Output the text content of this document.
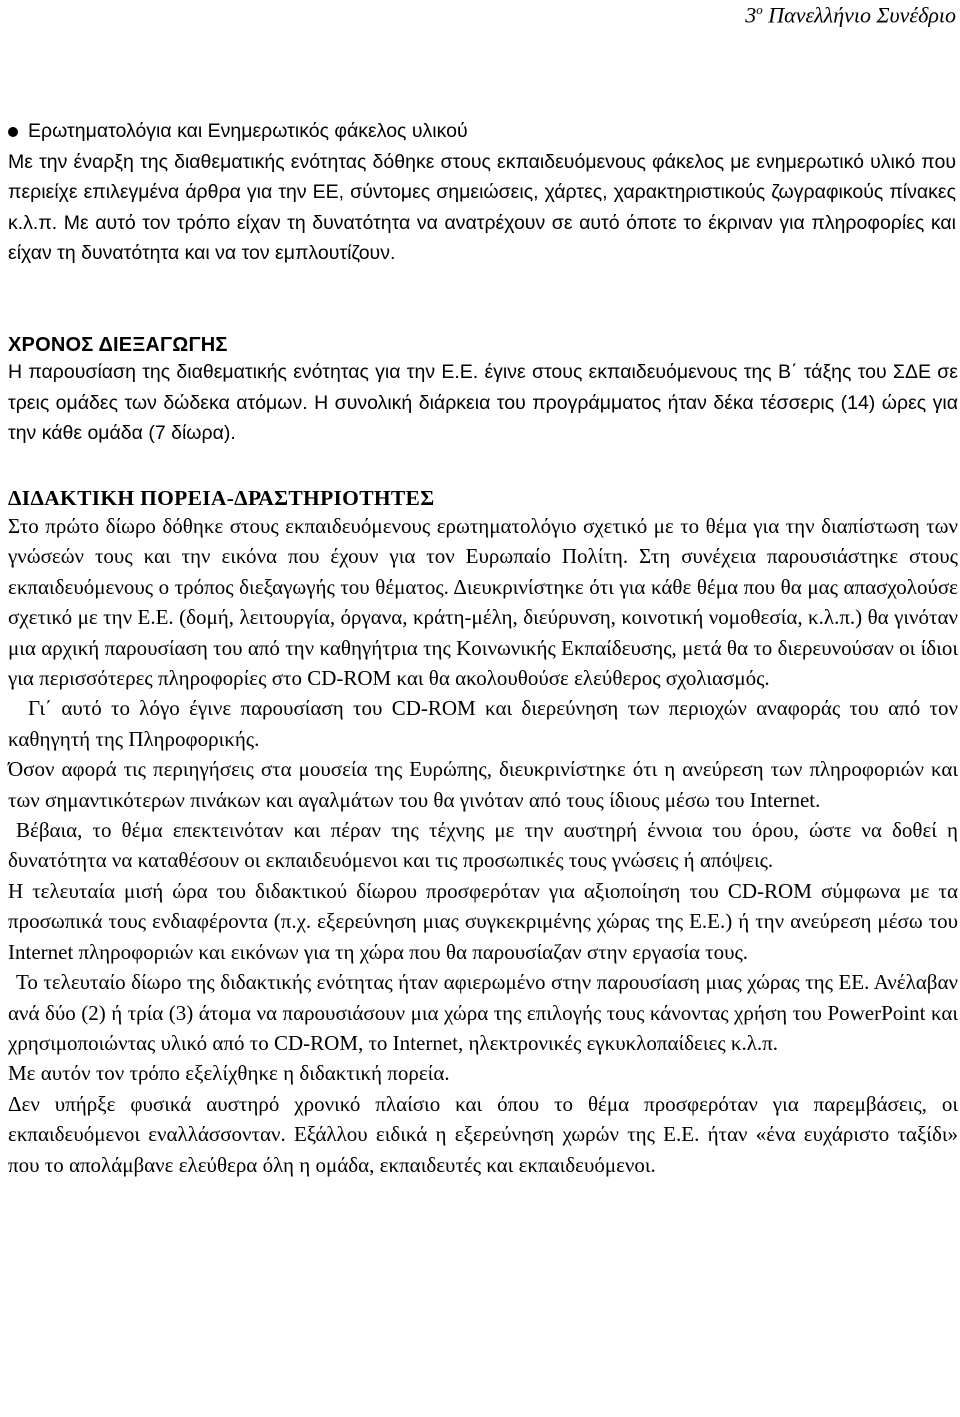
$3^o$ Πανελλήνιο Συνέδριο
Ερωτηματολόγια και Ενημερωτικός φάκελος υλικού

Με την έναρξη της διαθεματικής ενότητας δόθηκε στους εκπαιδευόμενους φάκελος με ενημερωτικό υλικό που περιείχε επιλεγμένα άρθρα για την ΕΕ, σύντομες σημειώσεις, χάρτες, χαρακτηριστικούς ζωγραφικούς πίνακες κ.λ.π. Με αυτό τον τρόπο είχαν τη δυνατότητα να ανατρέχουν σε αυτό όποτε το έκριναν για πληροφορίες και είχαν τη δυνατότητα και να τον εμπλουτίζουν.

ΧΡΟΝΟΣ ΔΙΕΞΑΓΩΓΗΣ

Η παρουσίαση της διαθεματικής ενότητας για την Ε.Ε. έγινε στους εκπαιδευόμενους της Β΄ τάξης του ΣΔΕ σε τρεις ομάδες των δώδεκα ατόμων. Η συνολική διάρκεια του προγράμματος ήταν δέκα τέσσερις (14) ώρες για την κάθε ομάδα (7 δίωρα).

ΔΙΔΑΚΤΙΚΗ ΠΟΡΕΙΑ-ΔΡΑΣΤΗΡΙΟΤΗΤΕΣ

Στο πρώτο δίωρο δόθηκε στους εκπαιδευόμενους ερωτηματολόγιο σχετικό με το θέμα για την διαπίστωση των γνώσεών τους και την εικόνα που έχουν για τον Ευρωπαίο Πολίτη. Στη συνέχεια παρουσιάστηκε στους εκπαιδευόμενους ο τρόπος διεξαγωγής του θέματος. Διευκρινίστηκε ότι για κάθε θέμα που θα μας απασχολούσε σχετικό με την Ε.Ε. (δομή, λειτουργία, όργανα, κράτη-μέλη, διεύρυνση, κοινοτική νομοθεσία, κ.λ.π.) θα γινόταν μια αρχική παρουσίαση του από την καθηγήτρια της Κοινωνικής Εκπαίδευσης, μετά θα το διερευνούσαν οι ίδιοι για περισσότερες πληροφορίες στο CD-ROM και θα ακολουθούσε ελεύθερος σχολιασμός.

Γι΄ αυτό το λόγο έγινε παρουσίαση του CD-ROM και διερεύνηση των περιοχών αναφοράς του από τον καθηγητή της Πληροφορικής.

Όσον αφορά τις περιηγήσεις στα μουσεία της Ευρώπης, διευκρινίστηκε ότι η ανεύρεση των πληροφοριών και των σημαντικότερων πινάκων και αγαλμάτων του θα γινόταν από τους ίδιους μέσω του Internet.

Βέβαια, το θέμα επεκτεινόταν και πέραν της τέχνης με την αυστηρή έννοια του όρου, ώστε να δοθεί η δυνατότητα να καταθέσουν οι εκπαιδευόμενοι και τις προσωπικές τους γνώσεις ή απόψεις.

Η τελευταία μισή ώρα του διδακτικού δίωρου προσφερόταν για αξιοποίηση του CD-ROM σύμφωνα με τα προσωπικά τους ενδιαφέροντα (π.χ. εξερεύνηση μιας συγκεκριμένης χώρας της Ε.Ε.) ή την ανεύρεση μέσω του Internet πληροφοριών και εικόνων για τη χώρα που θα παρουσίαζαν στην εργασία τους.

Το τελευταίο δίωρο της διδακτικής ενότητας ήταν αφιερωμένο στην παρουσίαση μιας χώρας της ΕΕ. Ανέλαβαν ανά δύο (2) ή τρία (3) άτομα να παρουσιάσουν μια χώρα της επιλογής τους κάνοντας χρήση του PowerPoint και χρησιμοποιώντας υλικό από το CD-ROM, το Internet, ηλεκτρονικές εγκυκλοπαίδειες κ.λ.π.

Με αυτόν τον τρόπο εξελίχθηκε η διδακτική πορεία.

Δεν υπήρξε φυσικά αυστηρό χρονικό πλαίσιο και όπου το θέμα προσφερόταν για παρεμβάσεις, οι εκπαιδευόμενοι εναλλάσσονταν. Εξάλλου ειδικά η εξερεύνηση χωρών της Ε.Ε. ήταν «ένα ευχάριστο ταξίδι» που το απολάμβανε ελεύθερα όλη η ομάδα, εκπαιδευτές και εκπαιδευόμενοι.
